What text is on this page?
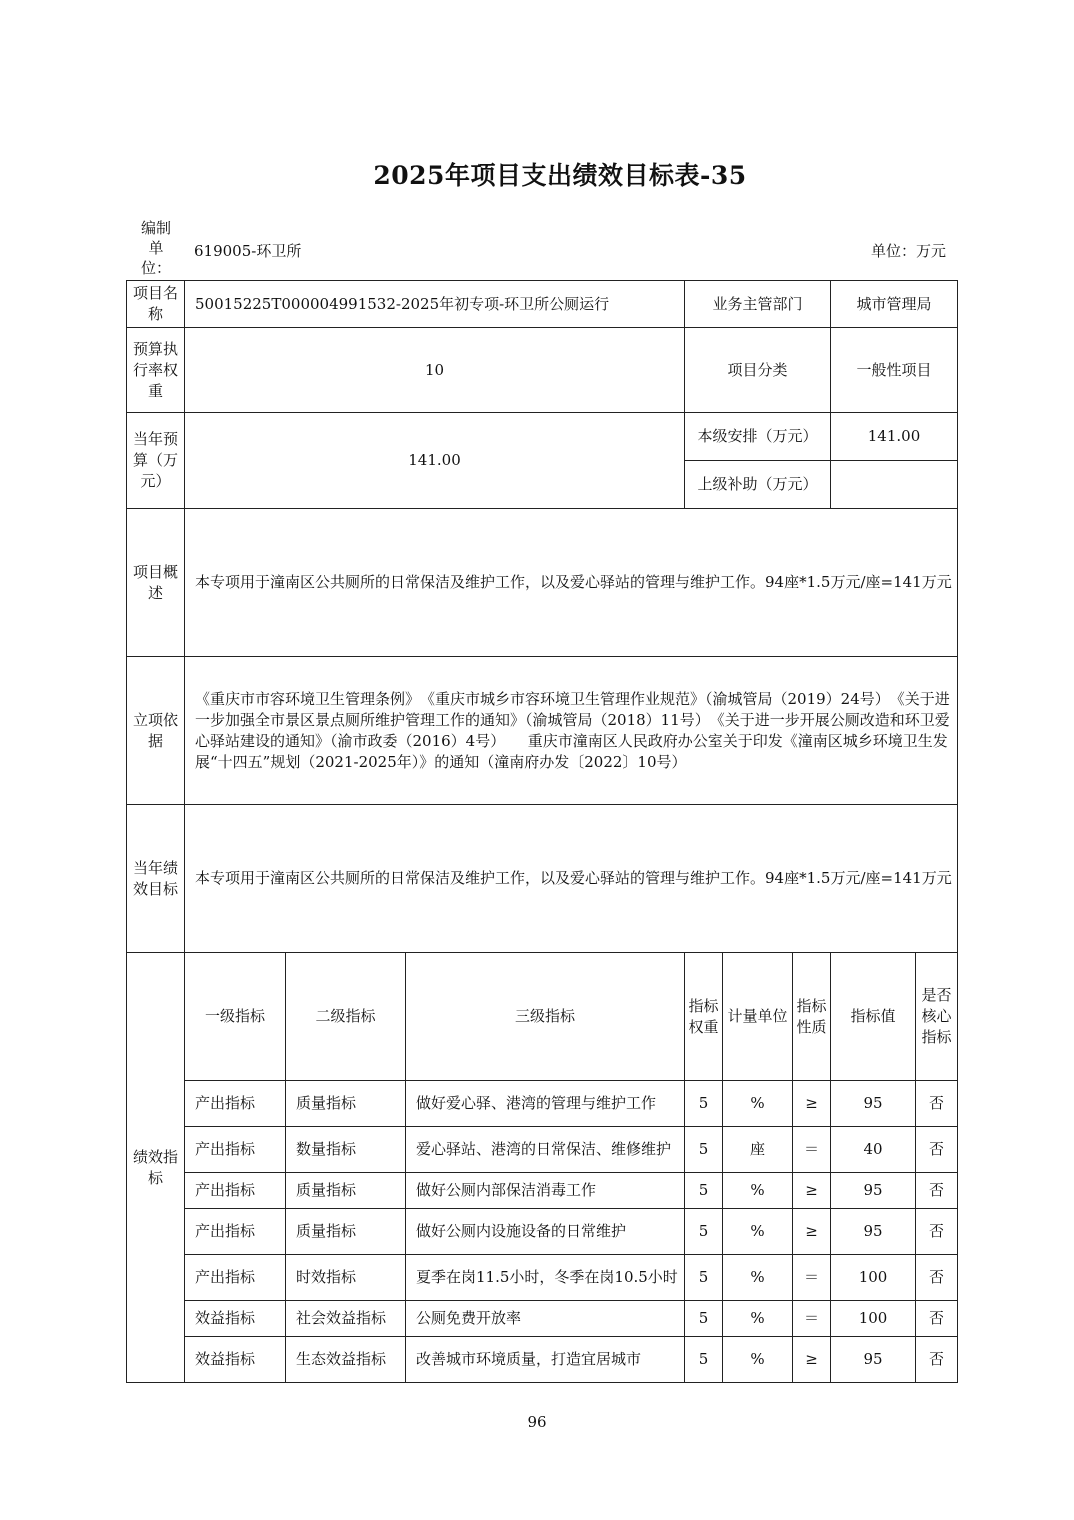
2025年项目支出绩效目标表-35
编制单位：
619005-环卫所	单位：万元
项目名称	50015225T000004991532-2025年初专项-环卫所公厕运行			业务主管部门			城市管理局	
预算执行率权重	10			项目分类			一般性项目	
当年预算（万元）	141.00			本级安排（万元）			141.00	
				上级补助（万元）				
项目概述	本专项用于潼南区公共厕所的日常保洁及维护工作，以及爱心驿站的管理与维护工作。94座*1.5万元/座=141万元							
立项依据	《重庆市市容环境卫生管理条例》　《重庆市城乡市容环境卫生管理作业规范》（渝城管局（2019）24号）　《关于进一步加强全市景区景点厕所维护管理工作的通知》（渝城管局（2018）11号）　《关于进一步开展公厕改造和环卫爱心驿站建设的通知》（渝市政委（2016）4号）　　重庆市潼南区人民政府办公室关于印发《潼南区城乡环境卫生发展“十四五”规划（2021-2025年）》的通知（潼南府办发〔2022〕10号）							
当年绩效目标	本专项用于潼南区公共厕所的日常保洁及维护工作，以及爱心驿站的管理与维护工作。94座*1.5万元/座=141万元							
绩效指标	一级指标	二级指标	三级指标	指标权重	计量单位	指标性质	指标值	是否核心指标
	产出指标	质量指标	做好爱心驿、港湾的管理与维护工作	5	%	≥	95	否
	产出指标	数量指标	爱心驿站、港湾的日常保洁、维修维护	5	座	＝	40	否
	产出指标	质量指标	做好公厕内部保洁消毒工作	5	%	≥	95	否
	产出指标	质量指标	做好公厕内设施设备的日常维护	5	%	≥	95	否
	产出指标	时效指标	夏季在岗11.5小时，冬季在岗10.5小时	5	%	＝	100	否
	效益指标	社会效益指标	公厕免费开放率	5	%	＝	100	否
	效益指标	生态效益指标	改善城市环境质量，打造宜居城市	5	%	≥	95	否
96
